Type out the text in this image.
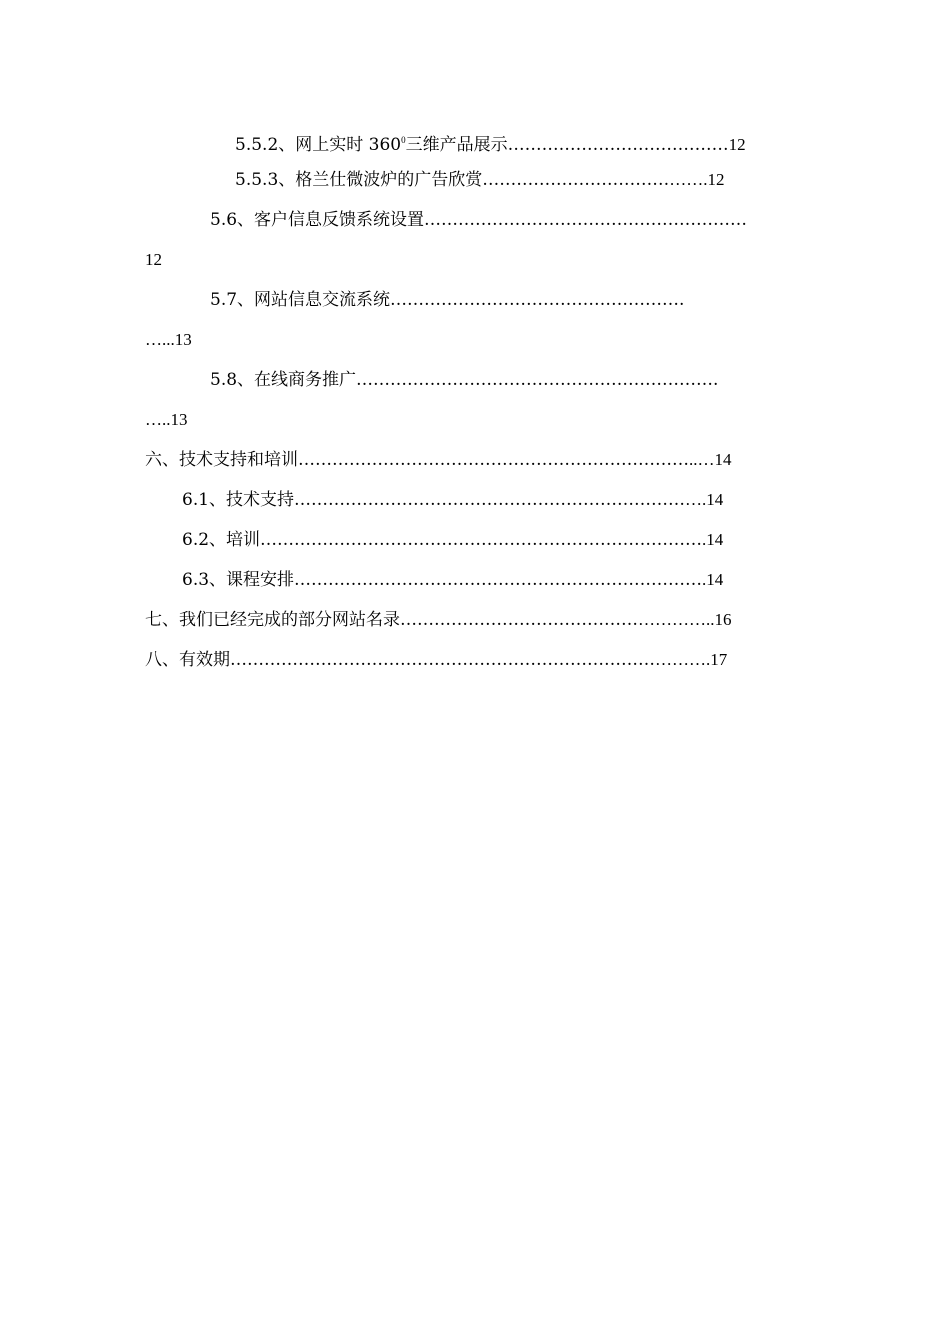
5.5.2、网上实时 $360^0$三维产品展示…………………………………12
5.5.3、格兰仕微波炉的广告欣赏………………………………….12
5.6、客户信息反馈系统设置…………………………………………………
12
5.7、网站信息交流系统…………………………………………….
…...13
5.8、在线商务推广……………………………………………………….
…..13
六、技术支持和培训……………………………………………………………..…14
6.1、技术支持……………………………………………………………….14
6.2、培训…………………………………………………………………….14
6.3、课程安排……………………………………………………………….14
七、我们已经完成的部分网站名录………………………………………………..16
八、有效期………………………………………………………………………….17
